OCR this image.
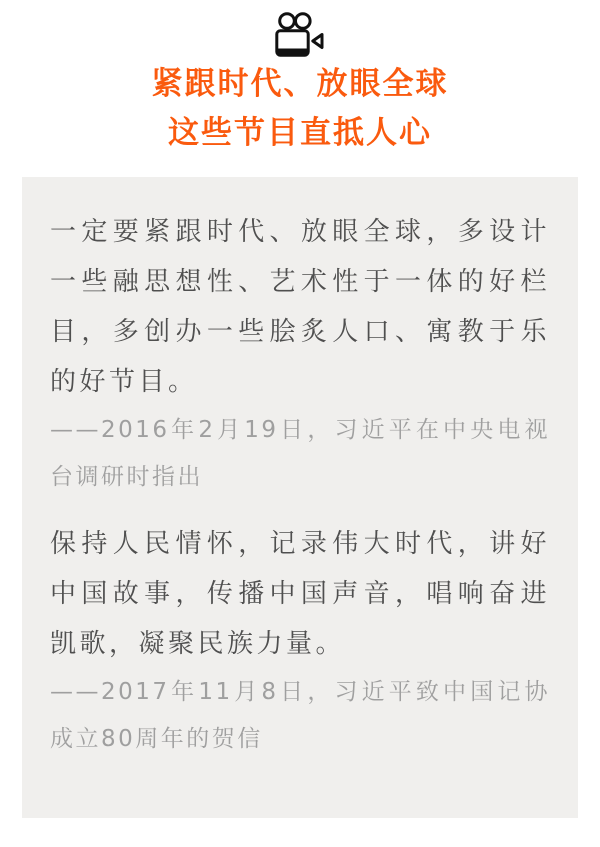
紧跟时代、放眼全球
这些节目直抵人心

一定要紧跟时代、放眼全球，多设计一些融思想性、艺术性于一体的好栏目，多创办一些脍炙人口、寓教于乐的好节目。

——2016年2月19日，习近平在中央电视台调研时指出

保持人民情怀，记录伟大时代，讲好中国故事，传播中国声音，唱响奋进凯歌，凝聚民族力量。

——2017年11月8日，习近平致中国记协成立80周年的贺信
